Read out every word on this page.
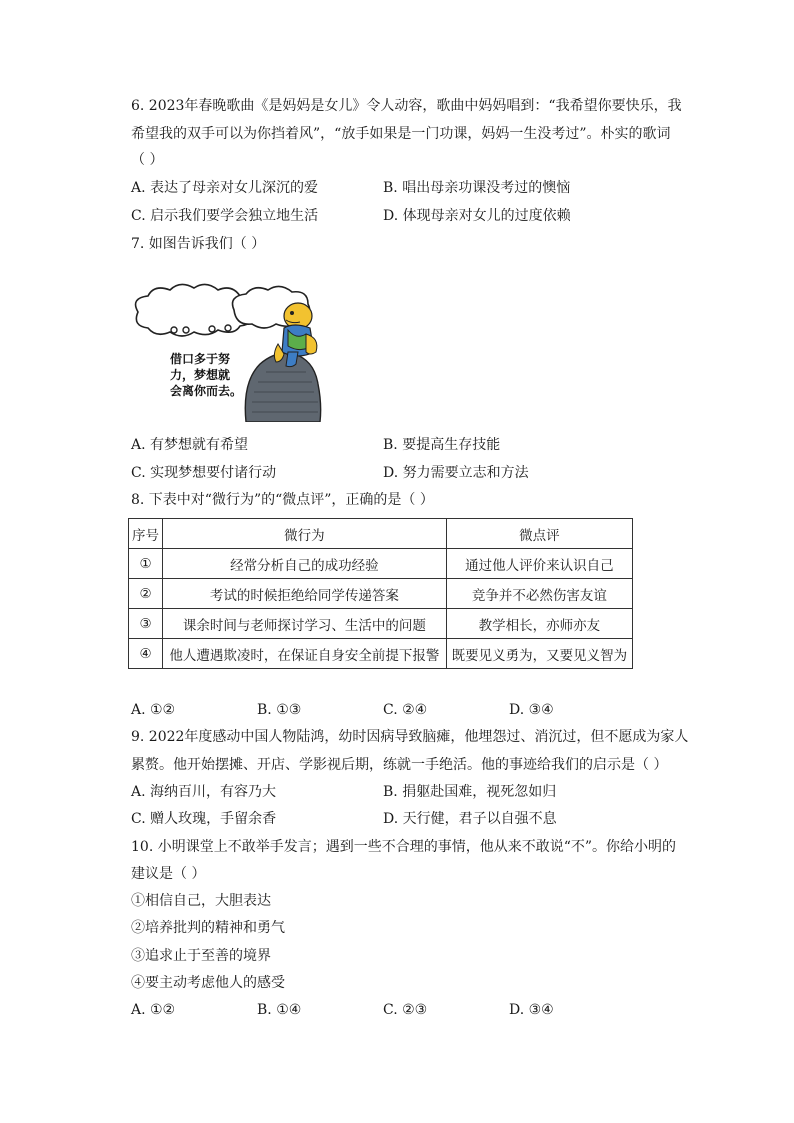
6. 2023年春晚歌曲《是妈妈是女儿》令人动容，歌曲中妈妈唱到：“我希望你要快乐，我
希望我的双手可以为你挡着风”，“放手如果是一门功课，妈妈一生没考过”。朴实的歌词
（ ）
A. 表达了母亲对女儿深沉的爱	B. 唱出母亲功课没考过的懊恼
C. 启示我们要学会独立地生活	D. 体现母亲对女儿的过度依赖
7. 如图告诉我们（ ）
借口多于努
力，梦想就
会离你而去。
A. 有梦想就有希望	B. 要提高生存技能
C. 实现梦想要付诸行动	D. 努力需要立志和方法
8. 下表中对“微行为”的“微点评”，正确的是（ ）
序号	微行为	微点评
①	经常分析自己的成功经验	通过他人评价来认识自己
②	考试的时候拒绝给同学传递答案	竞争并不必然伤害友谊
③	课余时间与老师探讨学习、生活中的问题	教学相长，亦师亦友
④	他人遭遇欺凌时，在保证自身安全前提下报警	既要见义勇为，又要见义智为
A. ①②	B. ①③	C. ②④	D. ③④
9. 2022年度感动中国人物陆鸿，幼时因病导致脑瘫，他埋怨过、消沉过，但不愿成为家人
累赘。他开始摆摊、开店、学影视后期，练就一手绝活。他的事迹给我们的启示是（ ）
A. 海纳百川，有容乃大	B. 捐躯赴国难，视死忽如归
C. 赠人玫瑰，手留余香	D. 天行健，君子以自强不息
10. 小明课堂上不敢举手发言；遇到一些不合理的事情，他从来不敢说“不”。你给小明的
建议是（ ）
①相信自己，大胆表达
②培养批判的精神和勇气
③追求止于至善的境界
④要主动考虑他人的感受
A. ①②	B. ①④	C. ②③	D. ③④
